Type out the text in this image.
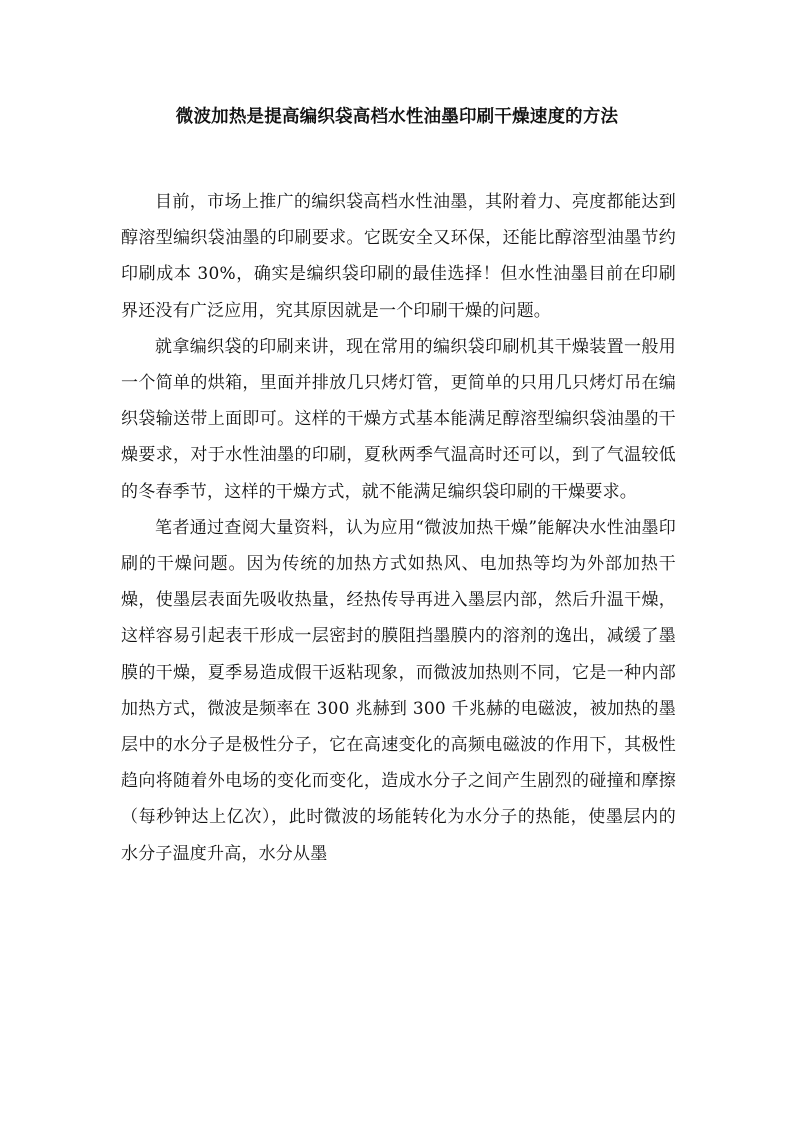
微波加热是提高编织袋高档水性油墨印刷干燥速度的方法

目前，市场上推广的编织袋高档水性油墨，其附着力、亮度都能达到醇溶型编织袋油墨的印刷要求。它既安全又环保，还能比醇溶型油墨节约印刷成本 30%，确实是编织袋印刷的最佳选择！但水性油墨目前在印刷界还没有广泛应用，究其原因就是一个印刷干燥的问题。

就拿编织袋的印刷来讲，现在常用的编织袋印刷机其干燥装置一般用一个简单的烘箱，里面并排放几只烤灯管，更简单的只用几只烤灯吊在编织袋输送带上面即可。这样的干燥方式基本能满足醇溶型编织袋油墨的干燥要求，对于水性油墨的印刷，夏秋两季气温高时还可以，到了气温较低的冬春季节，这样的干燥方式，就不能满足编织袋印刷的干燥要求。

笔者通过查阅大量资料，认为应用“微波加热干燥”能解决水性油墨印刷的干燥问题。因为传统的加热方式如热风、电加热等均为外部加热干燥，使墨层表面先吸收热量，经热传导再进入墨层内部，然后升温干燥，这样容易引起表干形成一层密封的膜阻挡墨膜内的溶剂的逸出，减缓了墨 膜的干燥，夏季易造成假干返粘现象，而微波加热则不同，它是一种内部加热方式，微波是频率在 300 兆赫到 300 千兆赫的电磁波，被加热的墨层中的水分子是极性分子，它在高速变化的高频电磁波的作用下，其极性趋向将随着外电场的变化而变化，造成水分子之间产生剧烈的碰撞和摩擦（每秒钟达上亿次），此时微波的场能转化为水分子的热能，使墨层内的水分子温度升高，水分从墨
